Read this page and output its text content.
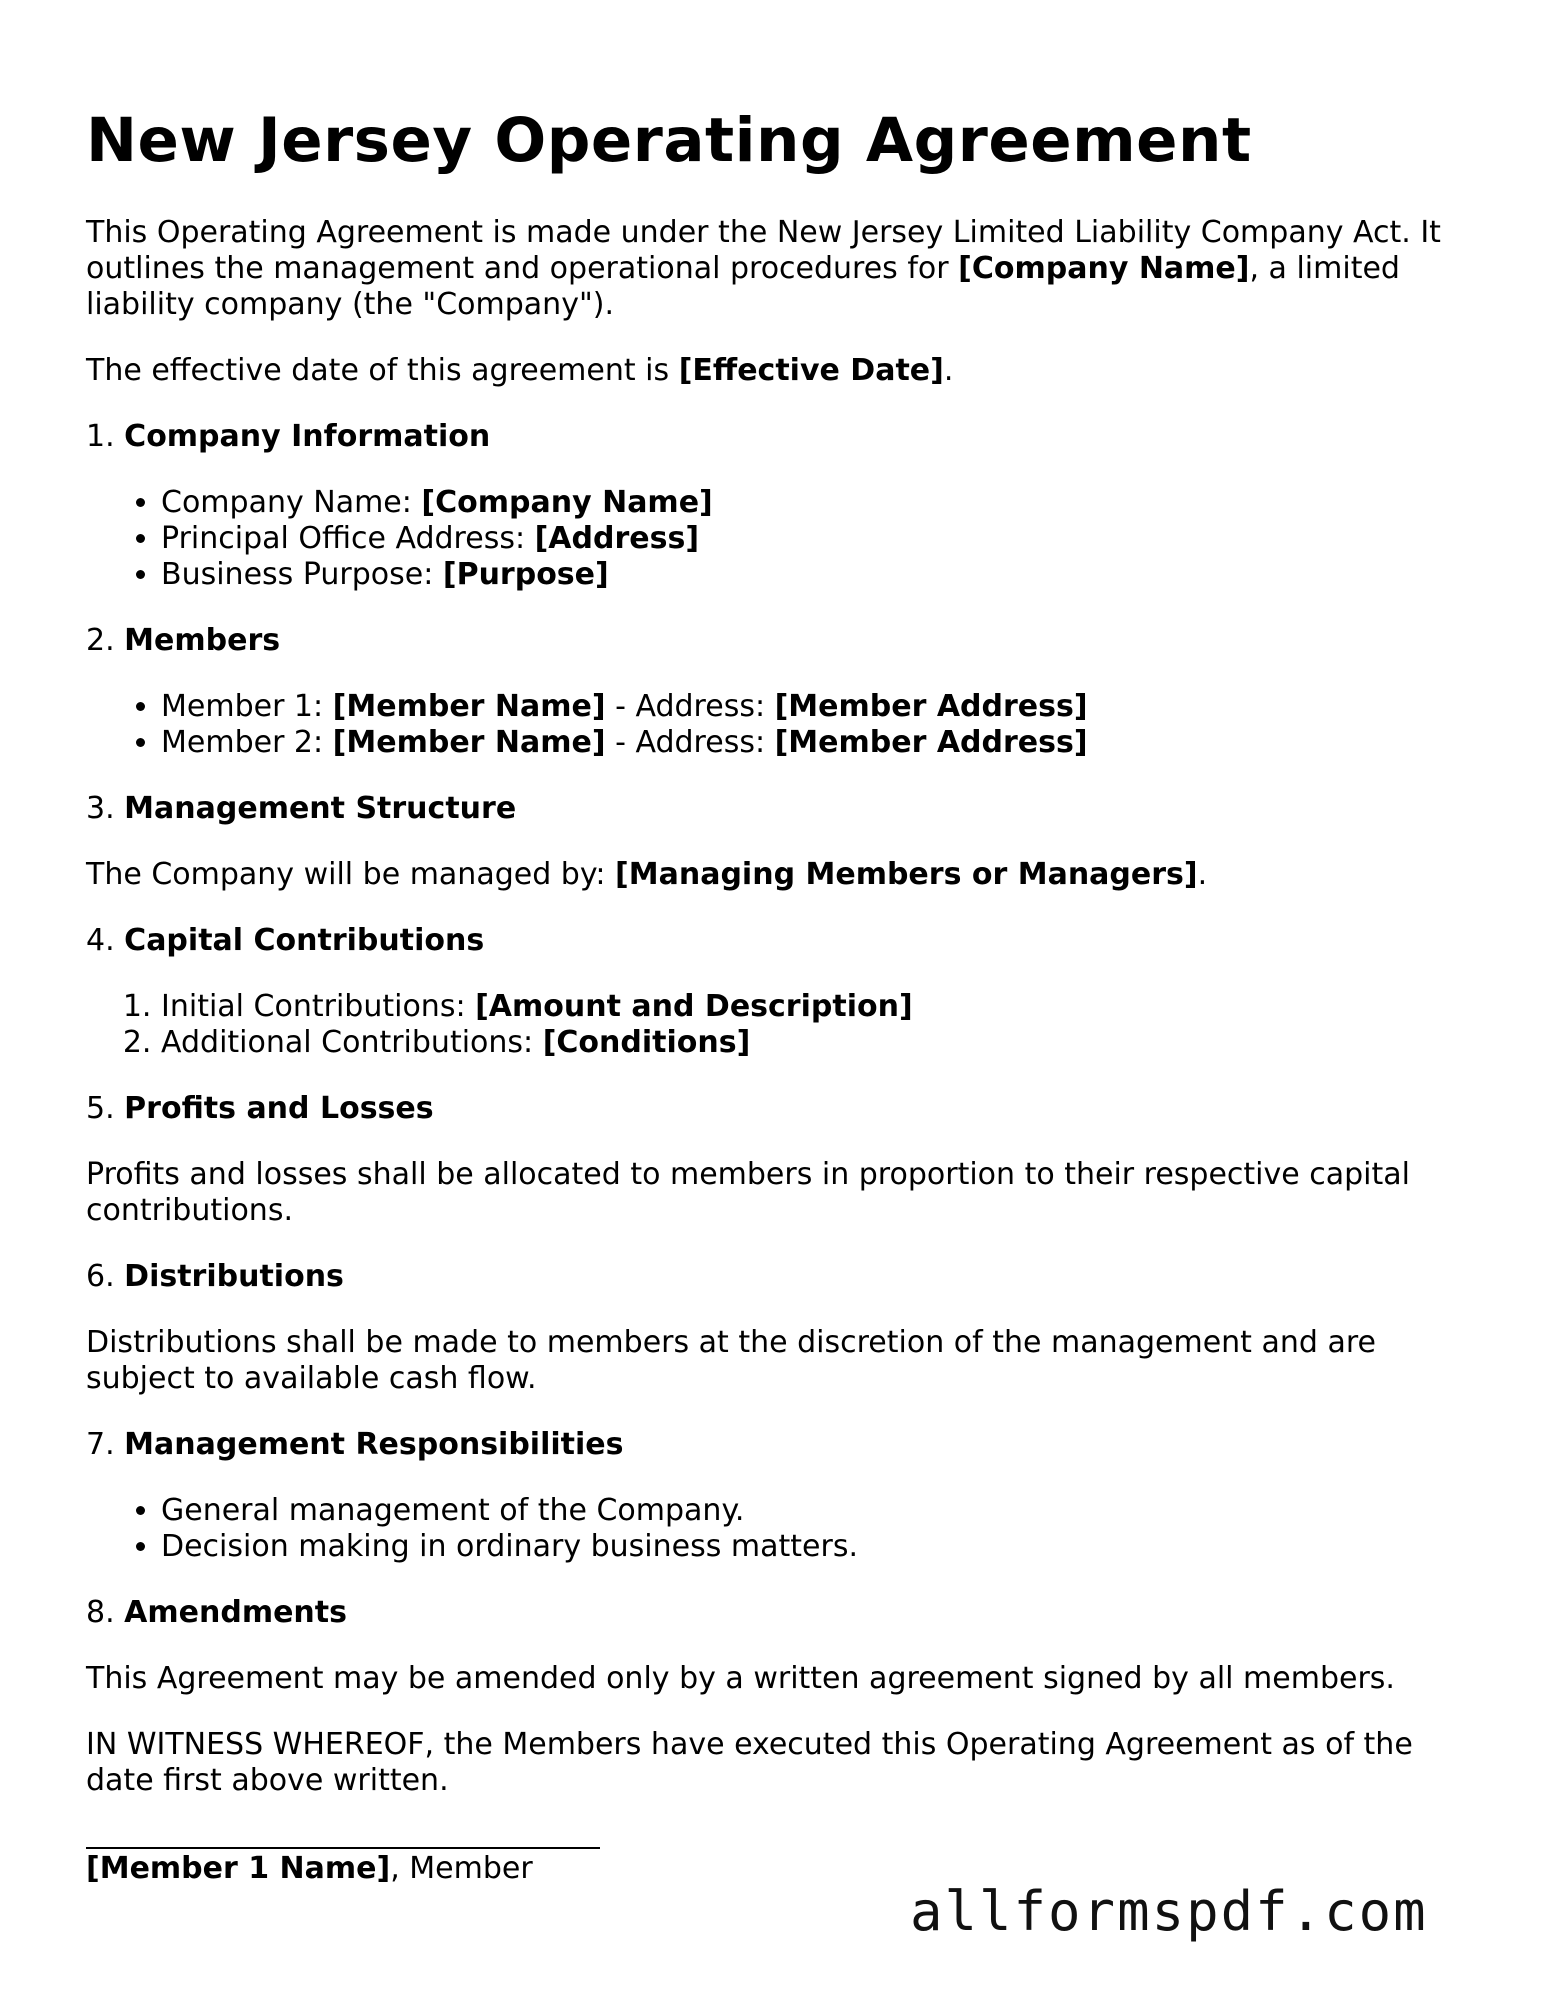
New Jersey Operating Agreement

This Operating Agreement is made under the New Jersey Limited Liability Company Act. It outlines the management and operational procedures for [Company Name], a limited liability company (the "Company").

The effective date of this agreement is [Effective Date].

1. Company Information
• Company Name: [Company Name]
• Principal Office Address: [Address]
• Business Purpose: [Purpose]
2. Members
• Member 1: [Member Name] - Address: [Member Address]
• Member 2: [Member Name] - Address: [Member Address]
3. Management Structure

The Company will be managed by: [Managing Members or Managers].

4. Capital Contributions
1. Initial Contributions: [Amount and Description]
2. Additional Contributions: [Conditions]
5. Profits and Losses

Profits and losses shall be allocated to members in proportion to their respective capital contributions.

6. Distributions

Distributions shall be made to members at the discretion of the management and are subject to available cash flow.

7. Management Responsibilities
• General management of the Company.
• Decision making in ordinary business matters.
8. Amendments

This Agreement may be amended only by a written agreement signed by all members.

IN WITNESS WHEREOF, the Members have executed this Operating Agreement as of the date first above written.

[Member 1 Name], Member
allformspdf.com
